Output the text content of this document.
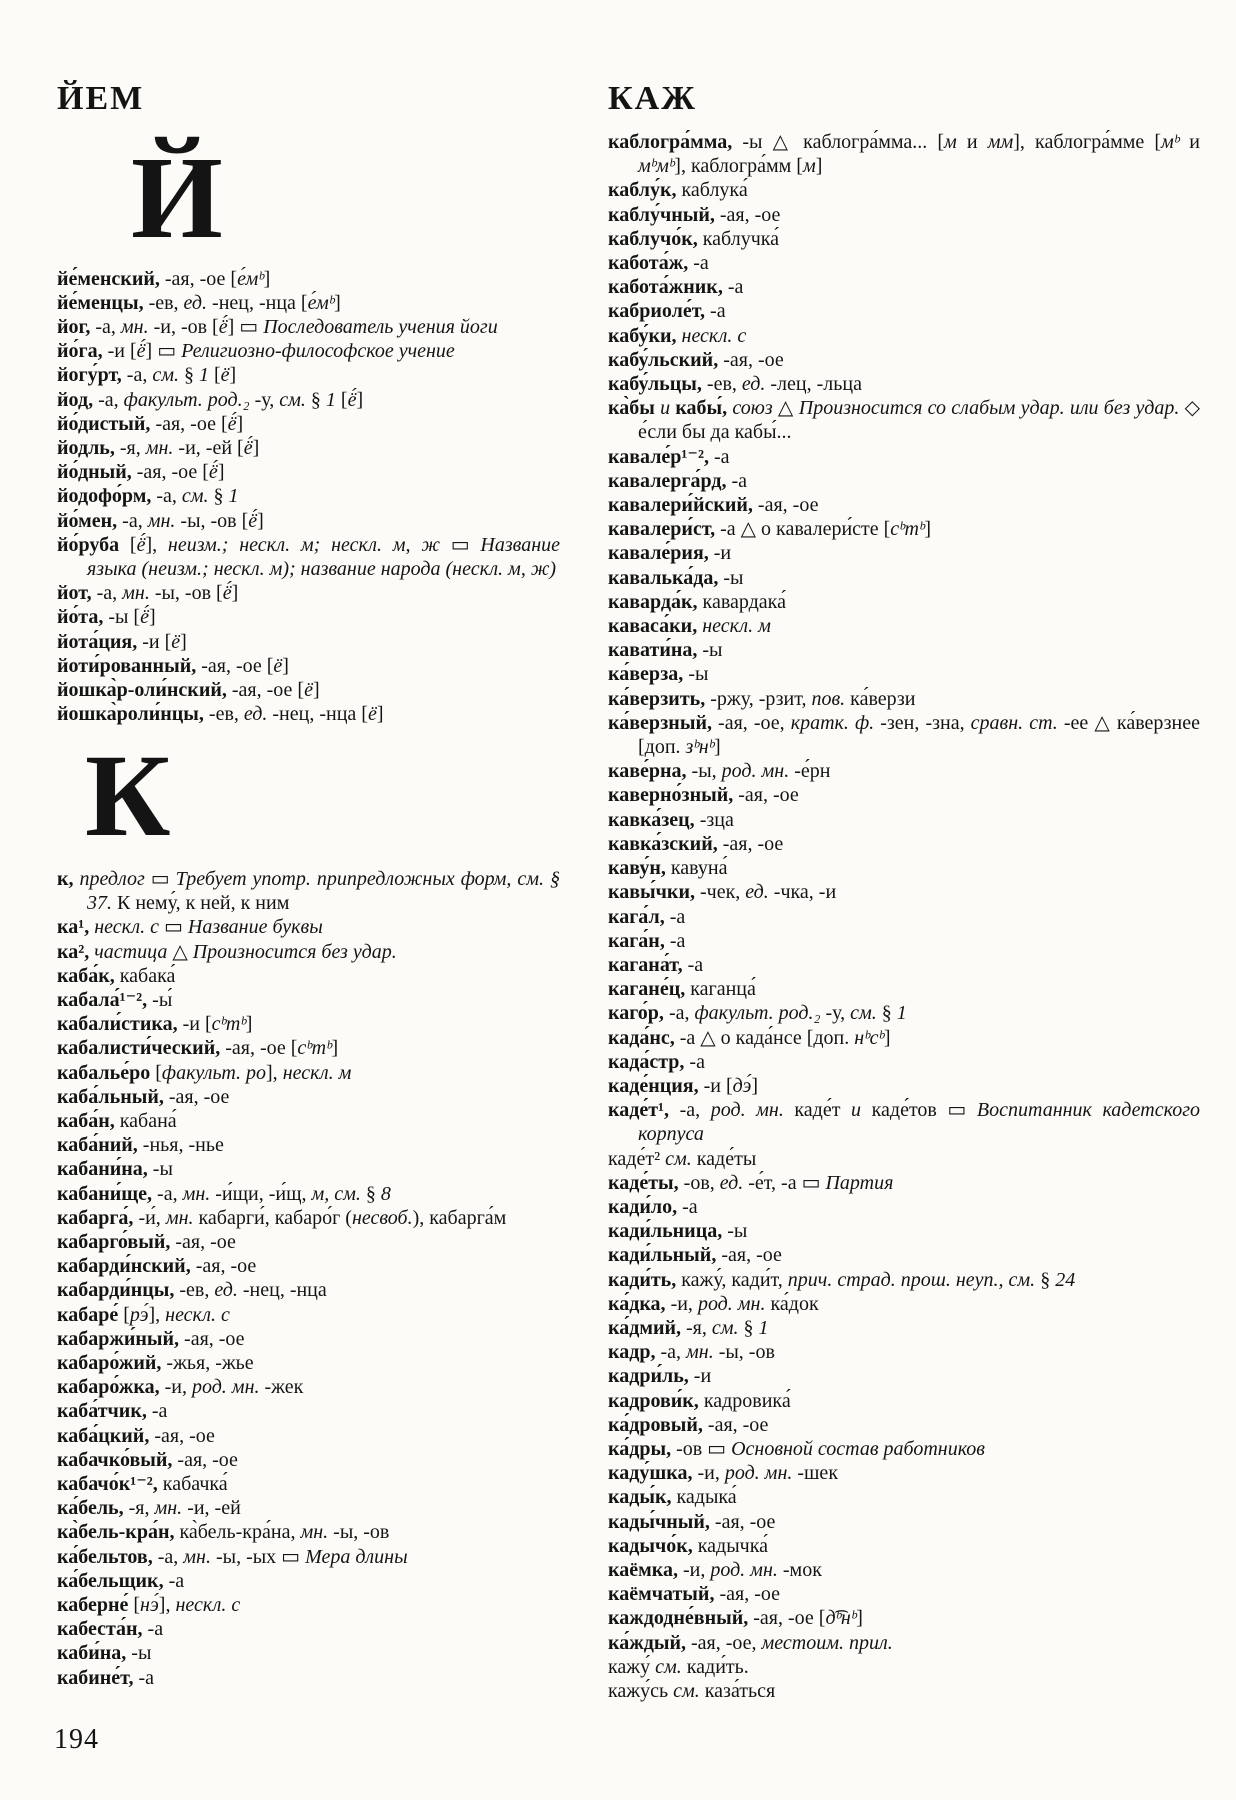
ЙЕМ
Й
йе́менский, -ая, -ое [е́мᵇ]
йе́менцы, -ев, ед. -нец, -нца [е́мᵇ]
йог, -а, мн. -и, -ов [ё́] ▭ Последователь учения йоги
йо́га, -и [ё́] ▭ Религиозно-философское учение
йогу́рт, -а, см. § 1 [ё]
йод, -а, факульт. род.₂ -у, см. § 1 [ё́]
йо́дистый, -ая, -ое [ё́]
йодль, -я, мн. -и, -ей [ё́]
йо́дный, -ая, -ое [ё́]
йодофо́рм, -а, см. § 1
йо́мен, -а, мн. -ы, -ов [ё́]
йо́руба [ё́], неизм.; нескл. м; нескл. м, ж ▭ Название языка (неизм.; нескл. м); название народа (нескл. м, ж)
йот, -а, мн. -ы, -ов [ё́]
йо́та, -ы [ё́]
йота́ция, -и [ё]
йоти́рованный, -ая, -ое [ё]
йошка̀р-оли́нский, -ая, -ое [ё]
йошка̀роли́нцы, -ев, ед. -нец, -нца [ё]
К
к, предлог ▭ Требует употр. припредложных форм, см. § 37. К нему́, к ней, к ним
ка¹, нескл. с ▭ Название буквы
ка², частица △ Произносится без удар.
каба́к, кабака́
кабала́¹⁻², -ы́
кабали́стика, -и [сᵇтᵇ]
кабалисти́ческий, -ая, -ое [сᵇтᵇ]
кабалье́ро [факульт. ро], нескл. м
каба́льный, -ая, -ое
каба́н, кабана́
каба́ний, -нья, -нье
кабани́на, -ы
кабани́ще, -а, мн. -и́щи, -и́щ, м, см. § 8
кабарга́, -и́, мн. кабарги́, кабаро́г (несвоб.), кабарга́м
кабарго́вый, -ая, -ое
кабарди́нский, -ая, -ое
кабарди́нцы, -ев, ед. -нец, -нца
кабаре́ [рэ́], нескл. с
кабаржи́ный, -ая, -ое
кабаро́жий, -жья, -жье
кабаро́жка, -и, род. мн. -жек
каба́тчик, -а
каба́цкий, -ая, -ое
кабачко́вый, -ая, -ое
кабачо́к¹⁻², кабачка́
ка́бель, -я, мн. -и, -ей
ка̀бель-кра́н, ка̀бель-кра́на, мн. -ы, -ов
ка́бельтов, -а, мн. -ы, -ых ▭ Мера длины
ка́бельщик, -а
каберне́ [нэ́], нескл. с
кабеста́н, -а
каби́на, -ы
кабине́т, -а
КАЖ
каблогра́мма, -ы △ каблогра́мма... [м и мм], каблогра́мме [мᵇ и мᵇмᵇ], каблогра́мм [м]
каблу́к, каблука́
каблу́чный, -ая, -ое
каблучо́к, каблучка́
кабота́ж, -а
кабота́жник, -а
кабриоле́т, -а
кабу́ки, нескл. с
кабу́льский, -ая, -ое
кабу́льцы, -ев, ед. -лец, -льца
ка̀бы и кабы́, союз △ Произносится со слабым удар. или без удар. ◇ е́сли бы да кабы́...
кавале́р¹⁻², -а
кавалерга́рд, -а
кавалери́йский, -ая, -ое
кавалери́ст, -а △ о кавалери́сте [сᵇтᵇ]
кавале́рия, -и
кавалька́да, -ы
каварда́к, кавардака́
каваса́ки, нескл. м
кавати́на, -ы
ка́верза, -ы
ка́верзить, -ржу, -рзит, пов. ка́верзи
ка́верзный, -ая, -ое, кратк. ф. -зен, -зна, сравн. ст. -ее △ ка́верзнее [доп. зᵇнᵇ]
каве́рна, -ы, род. мн. -е́рн
каверно́зный, -ая, -ое
кавка́зец, -зца
кавка́зский, -ая, -ое
каву́н, кавуна́
кавы́чки, -чек, ед. -чка, -и
кага́л, -а
кага́н, -а
кагана́т, -а
кагане́ц, каганца́
каго́р, -а, факульт. род.₂ -у, см. § 1
када́нс, -а △ о када́нсе [доп. нᵇсᵇ]
када́стр, -а
каде́нция, -и [дэ́]
каде́т¹, -а, род. мн. каде́т и каде́тов ▭ Воспитанник кадетского корпуса
каде́т² см. каде́ты
каде́ты, -ов, ед. -е́т, -а ▭ Партия
кади́ло, -а
кади́льница, -ы
кади́льный, -ая, -ое
кади́ть, кажу́, кади́т, прич. страд. прош. неуп., см. § 24
ка́дка, -и, род. мн. ка́док
ка́дмий, -я, см. § 1
кадр, -а, мн. -ы, -ов
кадри́ль, -и
кадрови́к, кадровика́
ка́дровый, -ая, -ое
ка́дры, -ов ▭ Основной состав работников
каду́шка, -и, род. мн. -шек
кады́к, кадыка́
кады́чный, -ая, -ое
кадычо́к, кадычка́
каёмка, -и, род. мн. -мок
каёмчатый, -ая, -ое
каждодне́вный, -ая, -ое [д͡ᵇнᵇ]
ка́ждый, -ая, -ое, местоим. прил.
кажу́ см. кади́ть.
кажу́сь см. каза́ться
194
